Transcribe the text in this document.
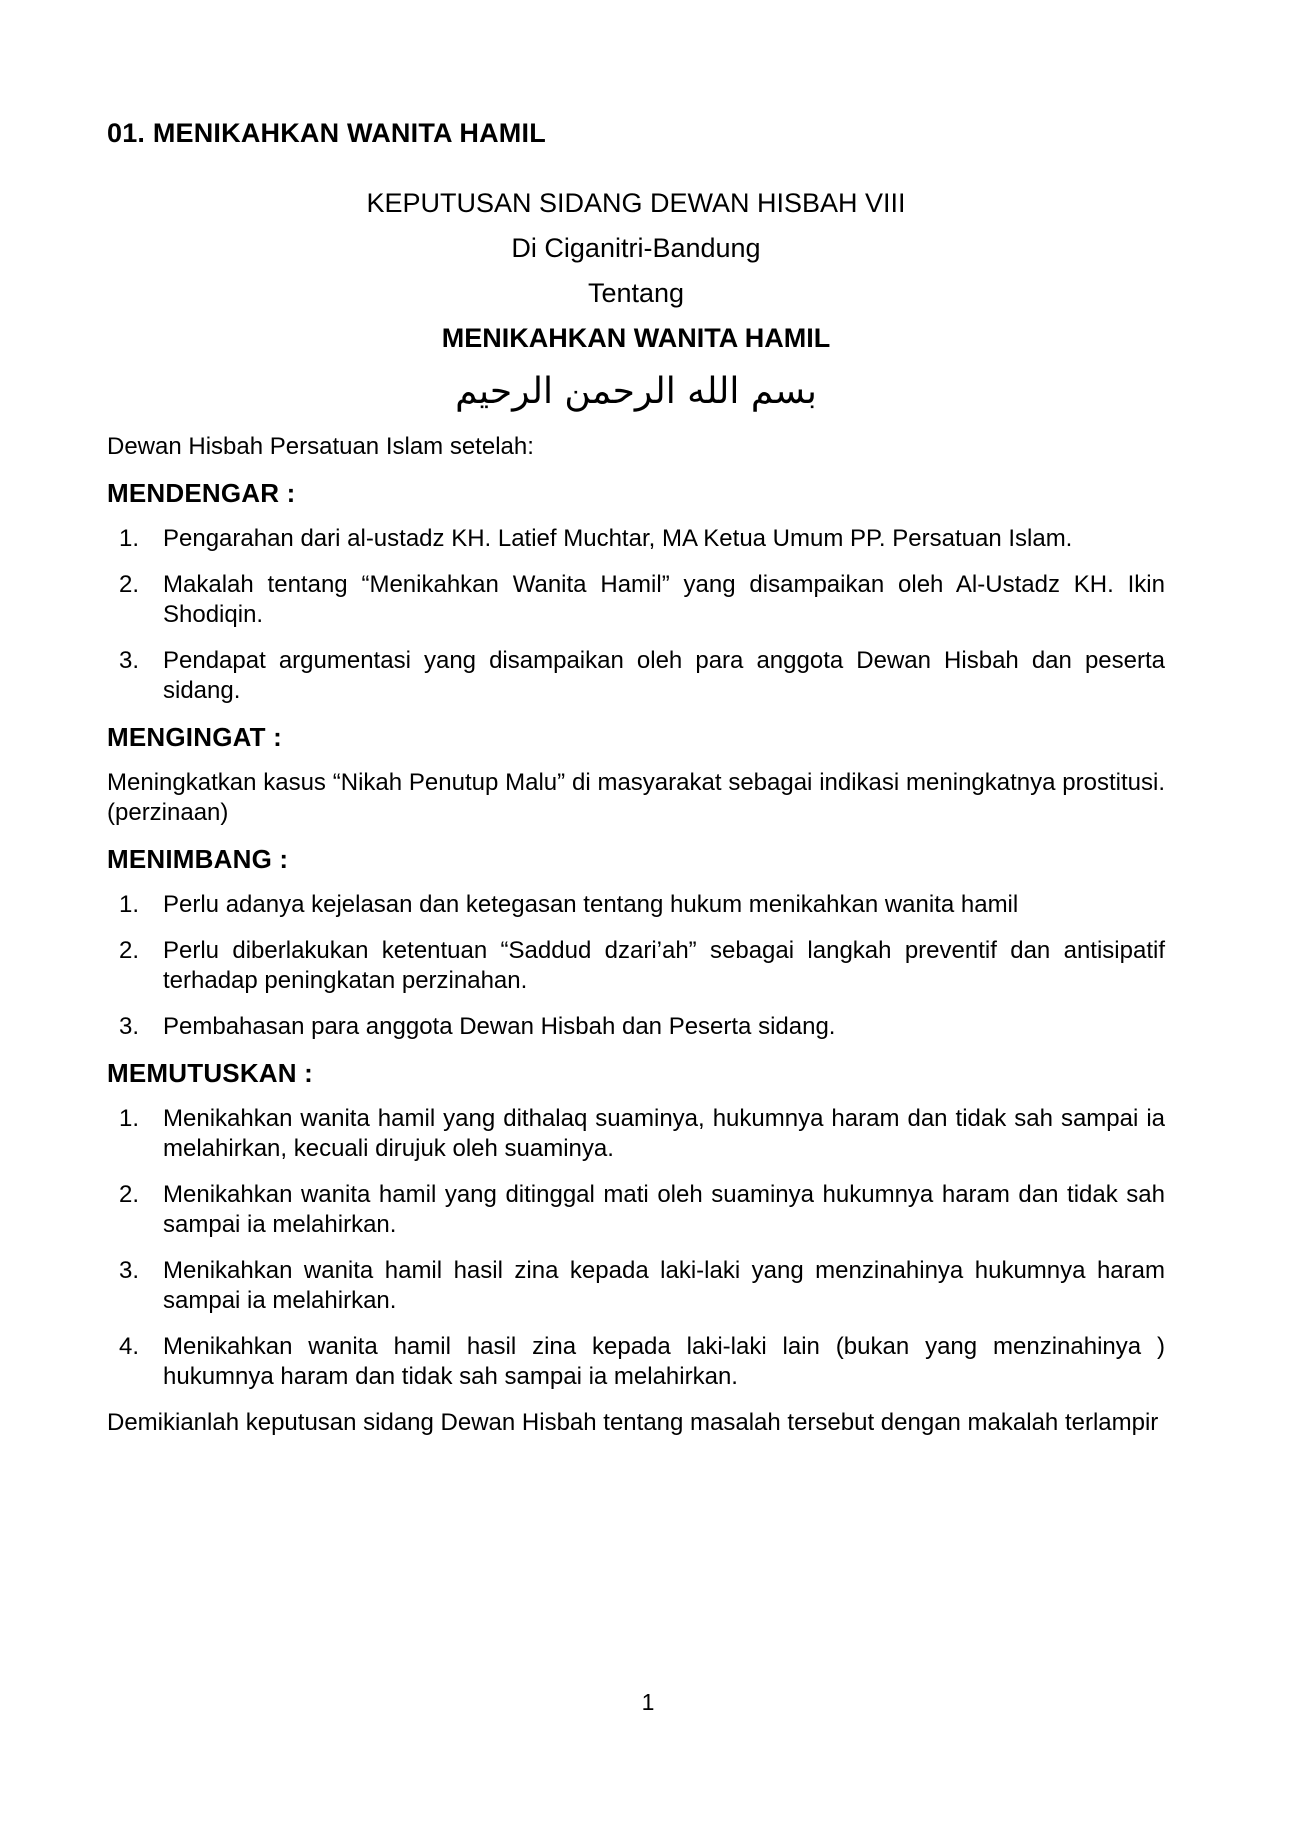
01. MENIKAHKAN WANITA HAMIL

KEPUTUSAN SIDANG DEWAN HISBAH VIII

Di Ciganitri-Bandung

Tentang

MENIKAHKAN WANITA HAMIL

بسم الله الرحمن الرحيم

Dewan Hisbah Persatuan Islam setelah:

MENDENGAR :
1. Pengarahan dari al-ustadz KH. Latief Muchtar, MA Ketua Umum PP. Persatuan Islam.
2. Makalah tentang “Menikahkan Wanita Hamil” yang disampaikan oleh Al-Ustadz KH. Ikin Shodiqin.
3. Pendapat argumentasi yang disampaikan oleh para anggota Dewan Hisbah dan peserta sidang.
MENGINGAT :

Meningkatkan kasus “Nikah Penutup Malu” di masyarakat sebagai indikasi meningkatnya prostitusi.(perzinaan)

MENIMBANG :
1. Perlu adanya kejelasan dan ketegasan tentang hukum menikahkan wanita hamil
2. Perlu diberlakukan ketentuan “Saddud dzari’ah” sebagai langkah preventif dan antisipatif terhadap peningkatan perzinahan.
3. Pembahasan para anggota Dewan Hisbah dan Peserta sidang.
MEMUTUSKAN :
1. Menikahkan wanita hamil yang dithalaq suaminya, hukumnya haram dan tidak sah sampai ia melahirkan, kecuali dirujuk oleh suaminya.
2. Menikahkan wanita hamil yang ditinggal mati oleh suaminya hukumnya haram dan tidak sah sampai ia melahirkan.
3. Menikahkan wanita hamil hasil zina kepada laki-laki yang menzinahinya hukumnya haram sampai ia melahirkan.
4. Menikahkan wanita hamil hasil zina kepada laki-laki lain (bukan yang menzinahinya ) hukumnya haram dan tidak sah sampai ia melahirkan.

Demikianlah keputusan sidang Dewan Hisbah tentang masalah tersebut dengan makalah terlampir

1
